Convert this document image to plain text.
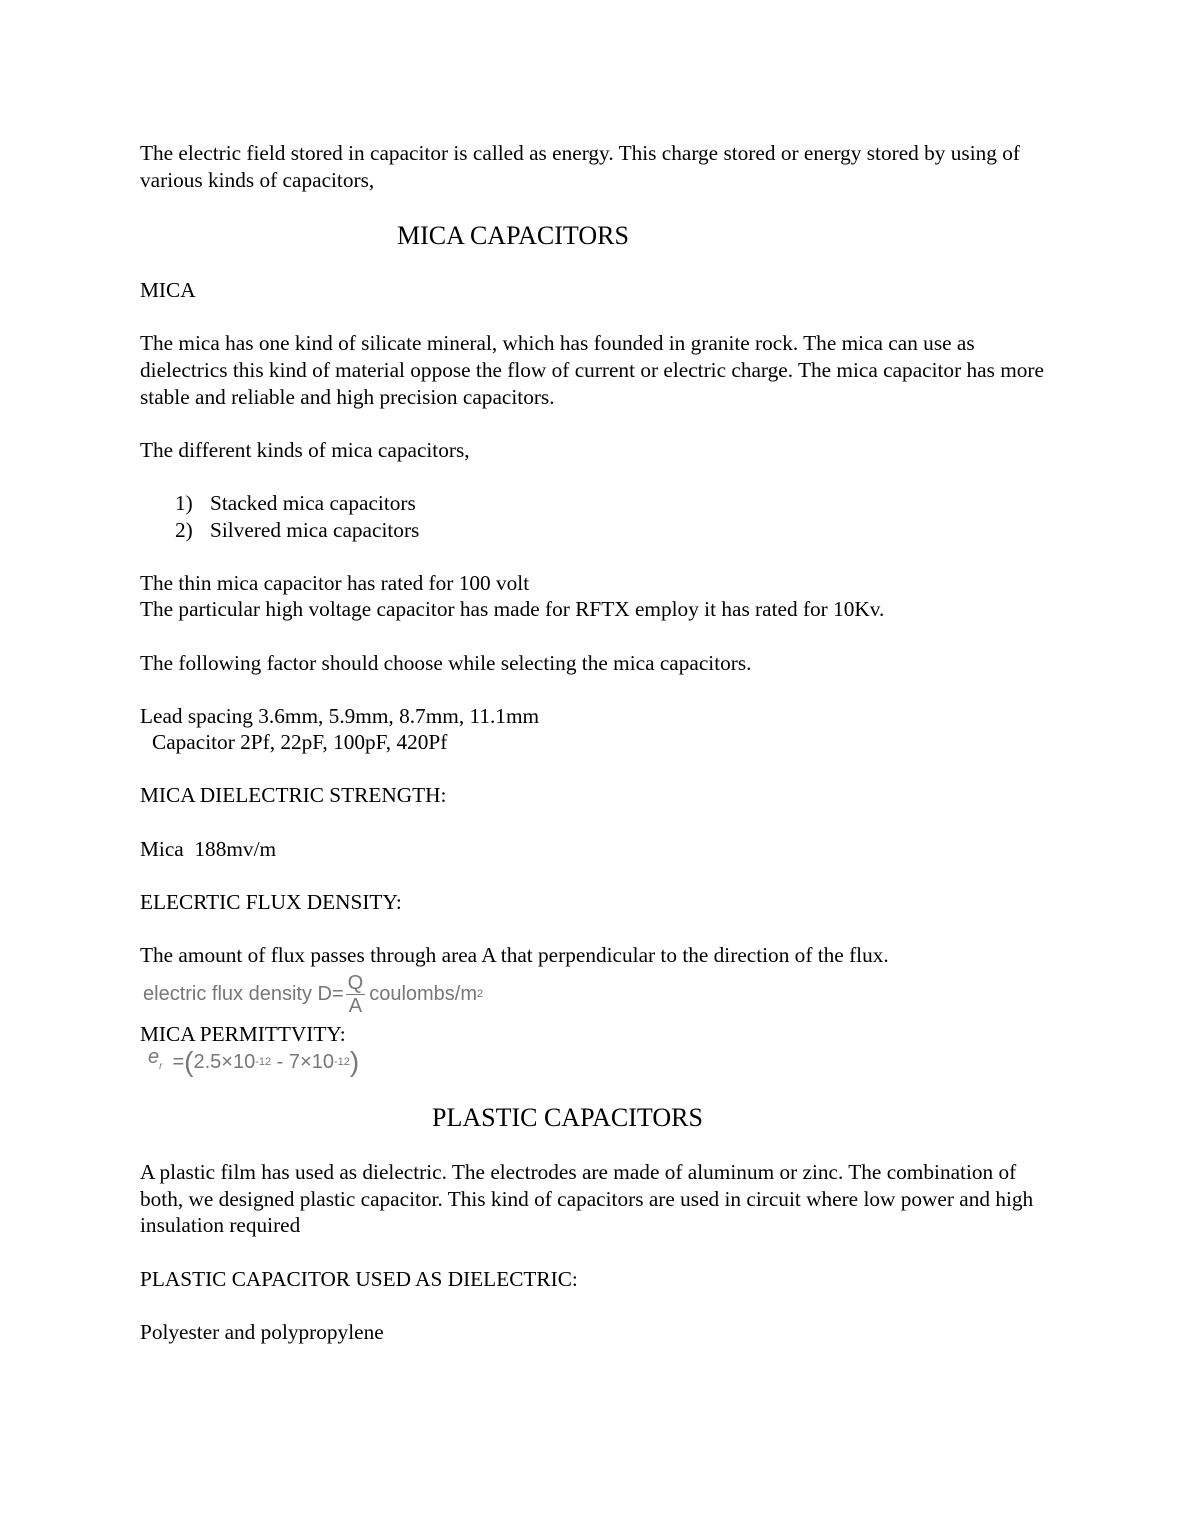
The electric field stored in capacitor is called as energy. This charge stored or energy stored by using of various kinds of capacitors,

MICA CAPACITORS

MICA

The mica has one kind of silicate mineral, which has founded in granite rock. The mica can use as dielectrics this kind of material oppose the flow of current or electric charge. The mica capacitor has more stable and reliable and high precision capacitors.

The different kinds of mica capacitors,

1) Stacked mica capacitors
2) Silvered mica capacitors

The thin mica capacitor has rated for 100 volt

The particular high voltage capacitor has made for RFTX employ it has rated for 10Kv.

The following factor should choose while selecting the mica capacitors.

Lead spacing 3.6mm, 5.9mm, 8.7mm, 11.1mm

Capacitor 2Pf, 22pF, 100pF, 420Pf

MICA DIELECTRIC STRENGTH:

Mica  188mv/m

ELECRTIC FLUX DENSITY:

The amount of flux passes through area A that perpendicular to the direction of the flux.

electric flux density $D= \frac{Q}{A}$ coulombs/m 2

MICA PERMITTVITY:

$e_r$ = ( 2.5×10 -12 - 7×10 -12 )

PLASTIC CAPACITORS

A plastic film has used as dielectric. The electrodes are made of aluminum or zinc. The combination of both, we designed plastic capacitor. This kind of capacitors are used in circuit where low power and high insulation required

PLASTIC CAPACITOR USED AS DIELECTRIC:

Polyester and polypropylene
